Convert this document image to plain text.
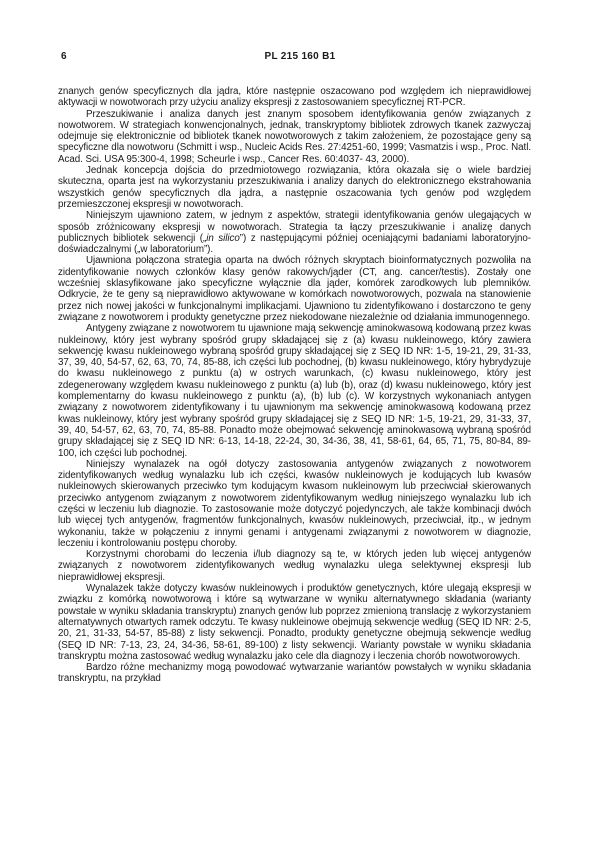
6	PL 215 160 B1

znanych genów specyficznych dla jądra, które następnie oszacowano pod względem ich nieprawidłowej aktywacji w nowotworach przy użyciu analizy ekspresji z zastosowaniem specyficznej RT-PCR.

Przeszukiwanie i analiza danych jest znanym sposobem identyfikowania genów związanych z nowotworem. W strategiach konwencjonalnych, jednak, transkryptomy bibliotek zdrowych tkanek zazwyczaj odejmuje się elektronicznie od bibliotek tkanek nowotworowych z takim założeniem, że pozostające geny są specyficzne dla nowotworu (Schmitt i wsp., Nucleic Acids Res. 27:4251-60, 1999; Vasmatzis i wsp., Proc. Natl. Acad. Sci. USA 95:300-4, 1998; Scheurle i wsp., Cancer Res. 60:4037- 43, 2000).

Jednak koncepcja dojścia do przedmiotowego rozwiązania, która okazała się o wiele bardziej skuteczna, oparta jest na wykorzystaniu przeszukiwania i analizy danych do elektronicznego ekstrahowania wszystkich genów specyficznych dla jądra, a następnie oszacowania tych genów pod względem przemieszczonej ekspresji w nowotworach.

Niniejszym ujawniono zatem, w jednym z aspektów, strategii identyfikowania genów ulegających w sposób zróżnicowany ekspresji w nowotworach. Strategia ta łączy przeszukiwanie i analizę danych publicznych bibliotek sekwencji („in silico”) z następującymi później oceniającymi badaniami laboratoryjno-doświadczalnymi („w laboratorium”).

Ujawniona połączona strategia oparta na dwóch różnych skryptach bioinformatycznych pozwoliła na zidentyfikowanie nowych członków klasy genów rakowych/jąder (CT, ang. cancer/testis). Zostały one wcześniej sklasyfikowane jako specyficzne wyłącznie dla jąder, komórek zarodkowych lub plemników. Odkrycie, że te geny są nieprawidłowo aktywowane w komórkach nowotworowych, pozwala na stanowienie przez nich nowej jakości w funkcjonalnymi implikacjami. Ujawniono tu zidentyfikowano i dostarczono te geny związane z nowotworem i produkty genetyczne przez niekodowane niezależnie od działania immunogennego.

Antygeny związane z nowotworem tu ujawnione mają sekwencję aminokwasową kodowaną przez kwas nukleinowy, który jest wybrany spośród grupy składającej się z (a) kwasu nukleinowego, który zawiera sekwencję kwasu nukleinowego wybraną spośród grupy składającej się z SEQ ID NR: 1-5, 19-21, 29, 31-33, 37, 39, 40, 54-57, 62, 63, 70, 74, 85-88, ich części lub pochodnej, (b) kwasu nukleinowego, który hybrydyzuje do kwasu nukleinowego z punktu (a) w ostrych warunkach, (c) kwasu nukleinowego, który jest zdegenerowany względem kwasu nukleinowego z punktu (a) lub (b), oraz (d) kwasu nukleinowego, który jest komplementarny do kwasu nukleinowego z punktu (a), (b) lub (c). W korzystnych wykonaniach antygen związany z nowotworem zidentyfikowany i tu ujawnionym ma sekwencję aminokwasową kodowaną przez kwas nukleinowy, który jest wybrany spośród grupy składającej się z SEQ ID NR: 1-5, 19-21, 29, 31-33, 37, 39, 40, 54-57, 62, 63, 70, 74, 85-88. Ponadto może obejmować sekwencję aminokwasową wybraną spośród grupy składającej się z SEQ ID NR: 6-13, 14-18, 22-24, 30, 34-36, 38, 41, 58-61, 64, 65, 71, 75, 80-84, 89-100, ich części lub pochodnej.

Niniejszy wynalazek na ogół dotyczy zastosowania antygenów związanych z nowotworem zidentyfikowanych według wynalazku lub ich części, kwasów nukleinowych je kodujących lub kwasów nukleinowych skierowanych przeciwko tym kodującym kwasom nukleinowym lub przeciwciał skierowanych przeciwko antygenom związanym z nowotworem zidentyfikowanym według niniejszego wynalazku lub ich części w leczeniu lub diagnozie. To zastosowanie może dotyczyć pojedynczych, ale także kombinacji dwóch lub więcej tych antygenów, fragmentów funkcjonalnych, kwasów nukleinowych, przeciwciał, itp., w jednym wykonaniu, także w połączeniu z innymi genami i antygenami związanymi z nowotworem w diagnozie, leczeniu i kontrolowaniu postępu choroby.

Korzystnymi chorobami do leczenia i/lub diagnozy są te, w których jeden lub więcej antygenów związanych z nowotworem zidentyfikowanych według wynalazku ulega selektywnej ekspresji lub nieprawidłowej ekspresji.

Wynalazek także dotyczy kwasów nukleinowych i produktów genetycznych, które ulegają ekspresji w związku z komórką nowotworową i które są wytwarzane w wyniku alternatywnego składania (warianty powstałe w wyniku składania transkryptu) znanych genów lub poprzez zmienioną translację z wykorzystaniem alternatywnych otwartych ramek odczytu. Te kwasy nukleinowe obejmują sekwencje według (SEQ ID NR: 2-5, 20, 21, 31-33, 54-57, 85-88) z listy sekwencji. Ponadto, produkty genetyczne obejmują sekwencje według (SEQ ID NR: 7-13, 23, 24, 34-36, 58-61, 89-100) z listy sekwencji. Warianty powstałe w wyniku składania transkryptu można zastosować według wynalazku jako cele dla diagnozy i leczenia chorób nowotworowych.

Bardzo różne mechanizmy mogą powodować wytwarzanie wariantów powstałych w wyniku składania transkryptu, na przykład
